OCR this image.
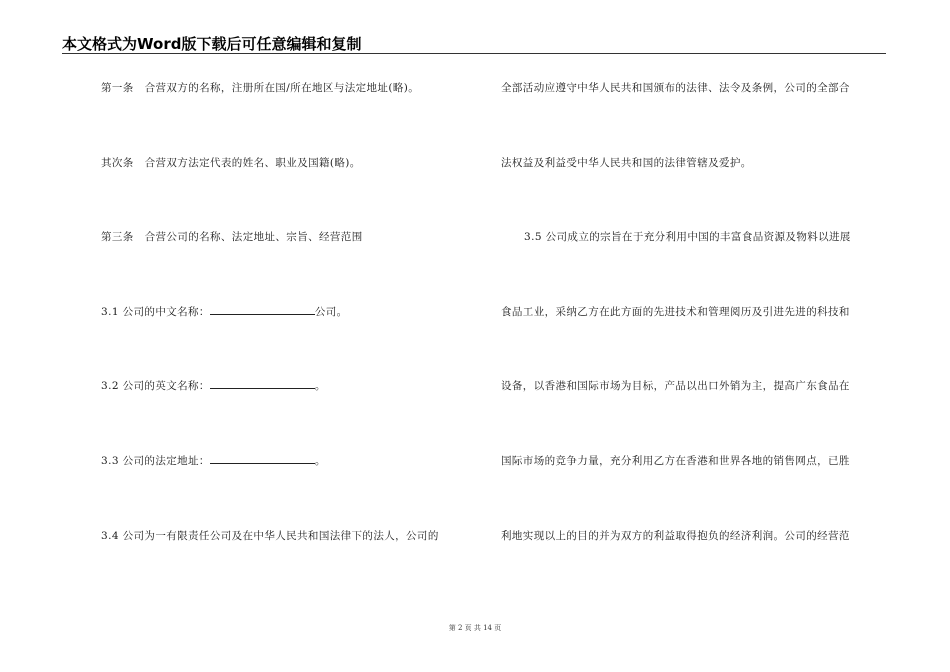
本文格式为Word版下载后可任意编辑和复制

第一条　合营双方的名称，注册所在国/所在地区与法定地址(略)。

其次条　合营双方法定代表的姓名、职业及国籍(略)。

第三条　合营公司的名称、法定地址、宗旨、经营范围

3.1 公司的中文名称：	公司。

3.2 公司的英文名称：	。

3.3 公司的法定地址：	。

3.4 公司为一有限责任公司及在中华人民共和国法律下的法人，公司的

全部活动应遵守中华人民共和国颁布的法律、法令及条例，公司的全部合

法权益及利益受中华人民共和国的法律管辖及爱护。

3.5 公司成立的宗旨在于充分利用中国的丰富食品资源及物料以进展

食品工业，采纳乙方在此方面的先进技术和管理阅历及引进先进的科技和

设备，以香港和国际市场为目标，产品以出口外销为主，提高广东食品在

国际市场的竞争力量，充分利用乙方在香港和世界各地的销售网点，已胜

利地实现以上的目的并为双方的利益取得抱负的经济利润。公司的经营范

第 2 页 共 14 页
